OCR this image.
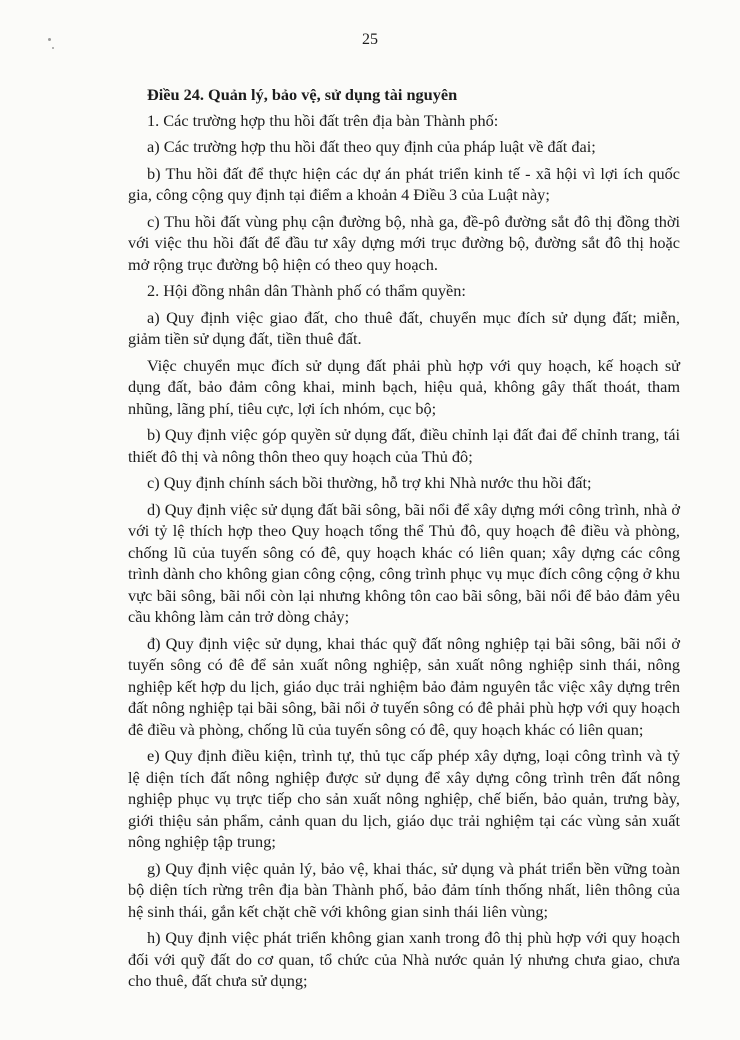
25
Điều 24. Quản lý, bảo vệ, sử dụng tài nguyên

1. Các trường hợp thu hồi đất trên địa bàn Thành phố:

a) Các trường hợp thu hồi đất theo quy định của pháp luật về đất đai;

b) Thu hồi đất để thực hiện các dự án phát triển kinh tế - xã hội vì lợi ích quốc gia, công cộng quy định tại điểm a khoản 4 Điều 3 của Luật này;

c) Thu hồi đất vùng phụ cận đường bộ, nhà ga, đề-pô đường sắt đô thị đồng thời với việc thu hồi đất để đầu tư xây dựng mới trục đường bộ, đường sắt đô thị hoặc mở rộng trục đường bộ hiện có theo quy hoạch.

2. Hội đồng nhân dân Thành phố có thẩm quyền:

a) Quy định việc giao đất, cho thuê đất, chuyển mục đích sử dụng đất; miễn, giảm tiền sử dụng đất, tiền thuê đất.

Việc chuyển mục đích sử dụng đất phải phù hợp với quy hoạch, kế hoạch sử dụng đất, bảo đảm công khai, minh bạch, hiệu quả, không gây thất thoát, tham nhũng, lãng phí, tiêu cực, lợi ích nhóm, cục bộ;

b) Quy định việc góp quyền sử dụng đất, điều chỉnh lại đất đai để chỉnh trang, tái thiết đô thị và nông thôn theo quy hoạch của Thủ đô;

c) Quy định chính sách bồi thường, hỗ trợ khi Nhà nước thu hồi đất;

d) Quy định việc sử dụng đất bãi sông, bãi nổi để xây dựng mới công trình, nhà ở với tỷ lệ thích hợp theo Quy hoạch tổng thể Thủ đô, quy hoạch đê điều và phòng, chống lũ của tuyến sông có đê, quy hoạch khác có liên quan; xây dựng các công trình dành cho không gian công cộng, công trình phục vụ mục đích công cộng ở khu vực bãi sông, bãi nổi còn lại nhưng không tôn cao bãi sông, bãi nổi để bảo đảm yêu cầu không làm cản trở dòng chảy;

đ) Quy định việc sử dụng, khai thác quỹ đất nông nghiệp tại bãi sông, bãi nổi ở tuyến sông có đê để sản xuất nông nghiệp, sản xuất nông nghiệp sinh thái, nông nghiệp kết hợp du lịch, giáo dục trải nghiệm bảo đảm nguyên tắc việc xây dựng trên đất nông nghiệp tại bãi sông, bãi nổi ở tuyến sông có đê phải phù hợp với quy hoạch đê điều và phòng, chống lũ của tuyến sông có đê, quy hoạch khác có liên quan;

e) Quy định điều kiện, trình tự, thủ tục cấp phép xây dựng, loại công trình và tỷ lệ diện tích đất nông nghiệp được sử dụng để xây dựng công trình trên đất nông nghiệp phục vụ trực tiếp cho sản xuất nông nghiệp, chế biến, bảo quản, trưng bày, giới thiệu sản phẩm, cảnh quan du lịch, giáo dục trải nghiệm tại các vùng sản xuất nông nghiệp tập trung;

g) Quy định việc quản lý, bảo vệ, khai thác, sử dụng và phát triển bền vững toàn bộ diện tích rừng trên địa bàn Thành phố, bảo đảm tính thống nhất, liên thông của hệ sinh thái, gắn kết chặt chẽ với không gian sinh thái liên vùng;

h) Quy định việc phát triển không gian xanh trong đô thị phù hợp với quy hoạch đối với quỹ đất do cơ quan, tổ chức của Nhà nước quản lý nhưng chưa giao, chưa cho thuê, đất chưa sử dụng;
